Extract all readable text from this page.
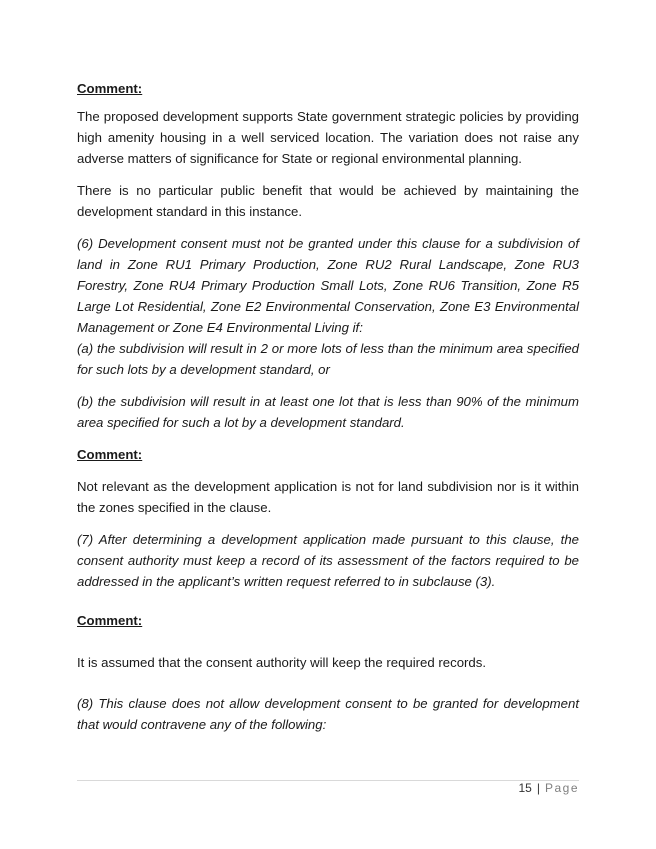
Comment:

The proposed development supports State government strategic policies by providing high amenity housing in a well serviced location. The variation does not raise any adverse matters of significance for State or regional environmental planning.

There is no particular public benefit that would be achieved by maintaining the development standard in this instance.

(6) Development consent must not be granted under this clause for a subdivision of land in Zone RU1 Primary Production, Zone RU2 Rural Landscape, Zone RU3 Forestry, Zone RU4 Primary Production Small Lots, Zone RU6 Transition, Zone R5 Large Lot Residential, Zone E2 Environmental Conservation, Zone E3 Environmental Management or Zone E4 Environmental Living if:

(a) the subdivision will result in 2 or more lots of less than the minimum area specified for such lots by a development standard, or

(b) the subdivision will result in at least one lot that is less than 90% of the minimum area specified for such a lot by a development standard.

Comment:

Not relevant as the development application is not for land subdivision nor is it within the zones specified in the clause.

(7) After determining a development application made pursuant to this clause, the consent authority must keep a record of its assessment of the factors required to be addressed in the applicant’s written request referred to in subclause (3).

Comment:

It is assumed that the consent authority will keep the required records.

(8) This clause does not allow development consent to be granted for development that would contravene any of the following:

15 | Page
